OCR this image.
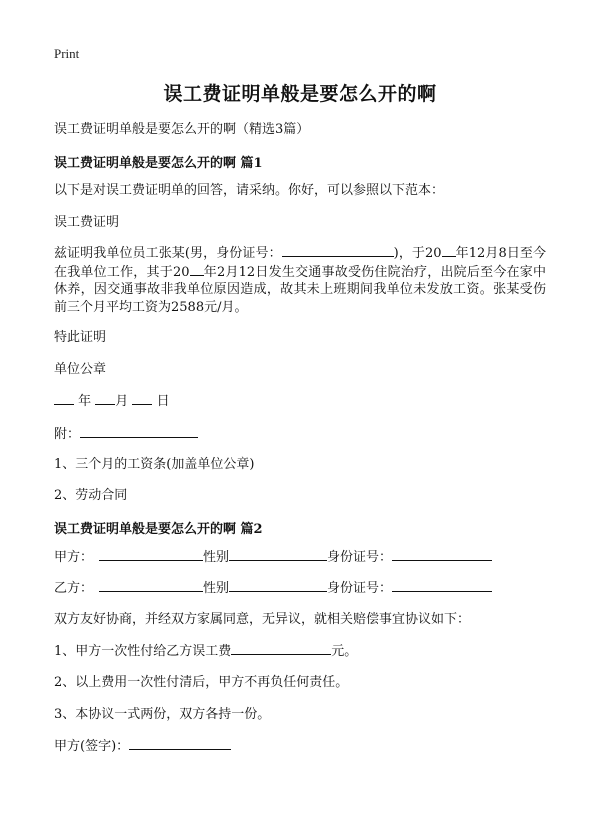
Print
误工费证明单般是要怎么开的啊
误工费证明单般是要怎么开的啊（精选3篇）
误工费证明单般是要怎么开的啊 篇1
以下是对误工费证明单的回答，请采纳。你好，可以参照以下范本：
误工费证明
兹证明我单位员工张某(男，身份证号：	)，于20 年12月8日至今在我单位工作，其于20 年2月12日发生交通事故受伤住院治疗，出院后至今在家中休养，因交通事故非我单位原因造成，故其未上班期间我单位未发放工资。张某受伤前三个月平均工资为2588元/月。
特此证明
单位公章
年 月 日
附：
1、三个月的工资条(加盖单位公章)
2、劳动合同
误工费证明单般是要怎么开的啊 篇2
甲方：	性别	身份证号：
乙方：	性别	身份证号：
双方友好协商，并经双方家属同意，无异议，就相关赔偿事宜协议如下：
1、甲方一次性付给乙方误工费	元。
2、以上费用一次性付清后，甲方不再负任何责任。
3、本协议一式两份，双方各持一份。
甲方(签字)：
